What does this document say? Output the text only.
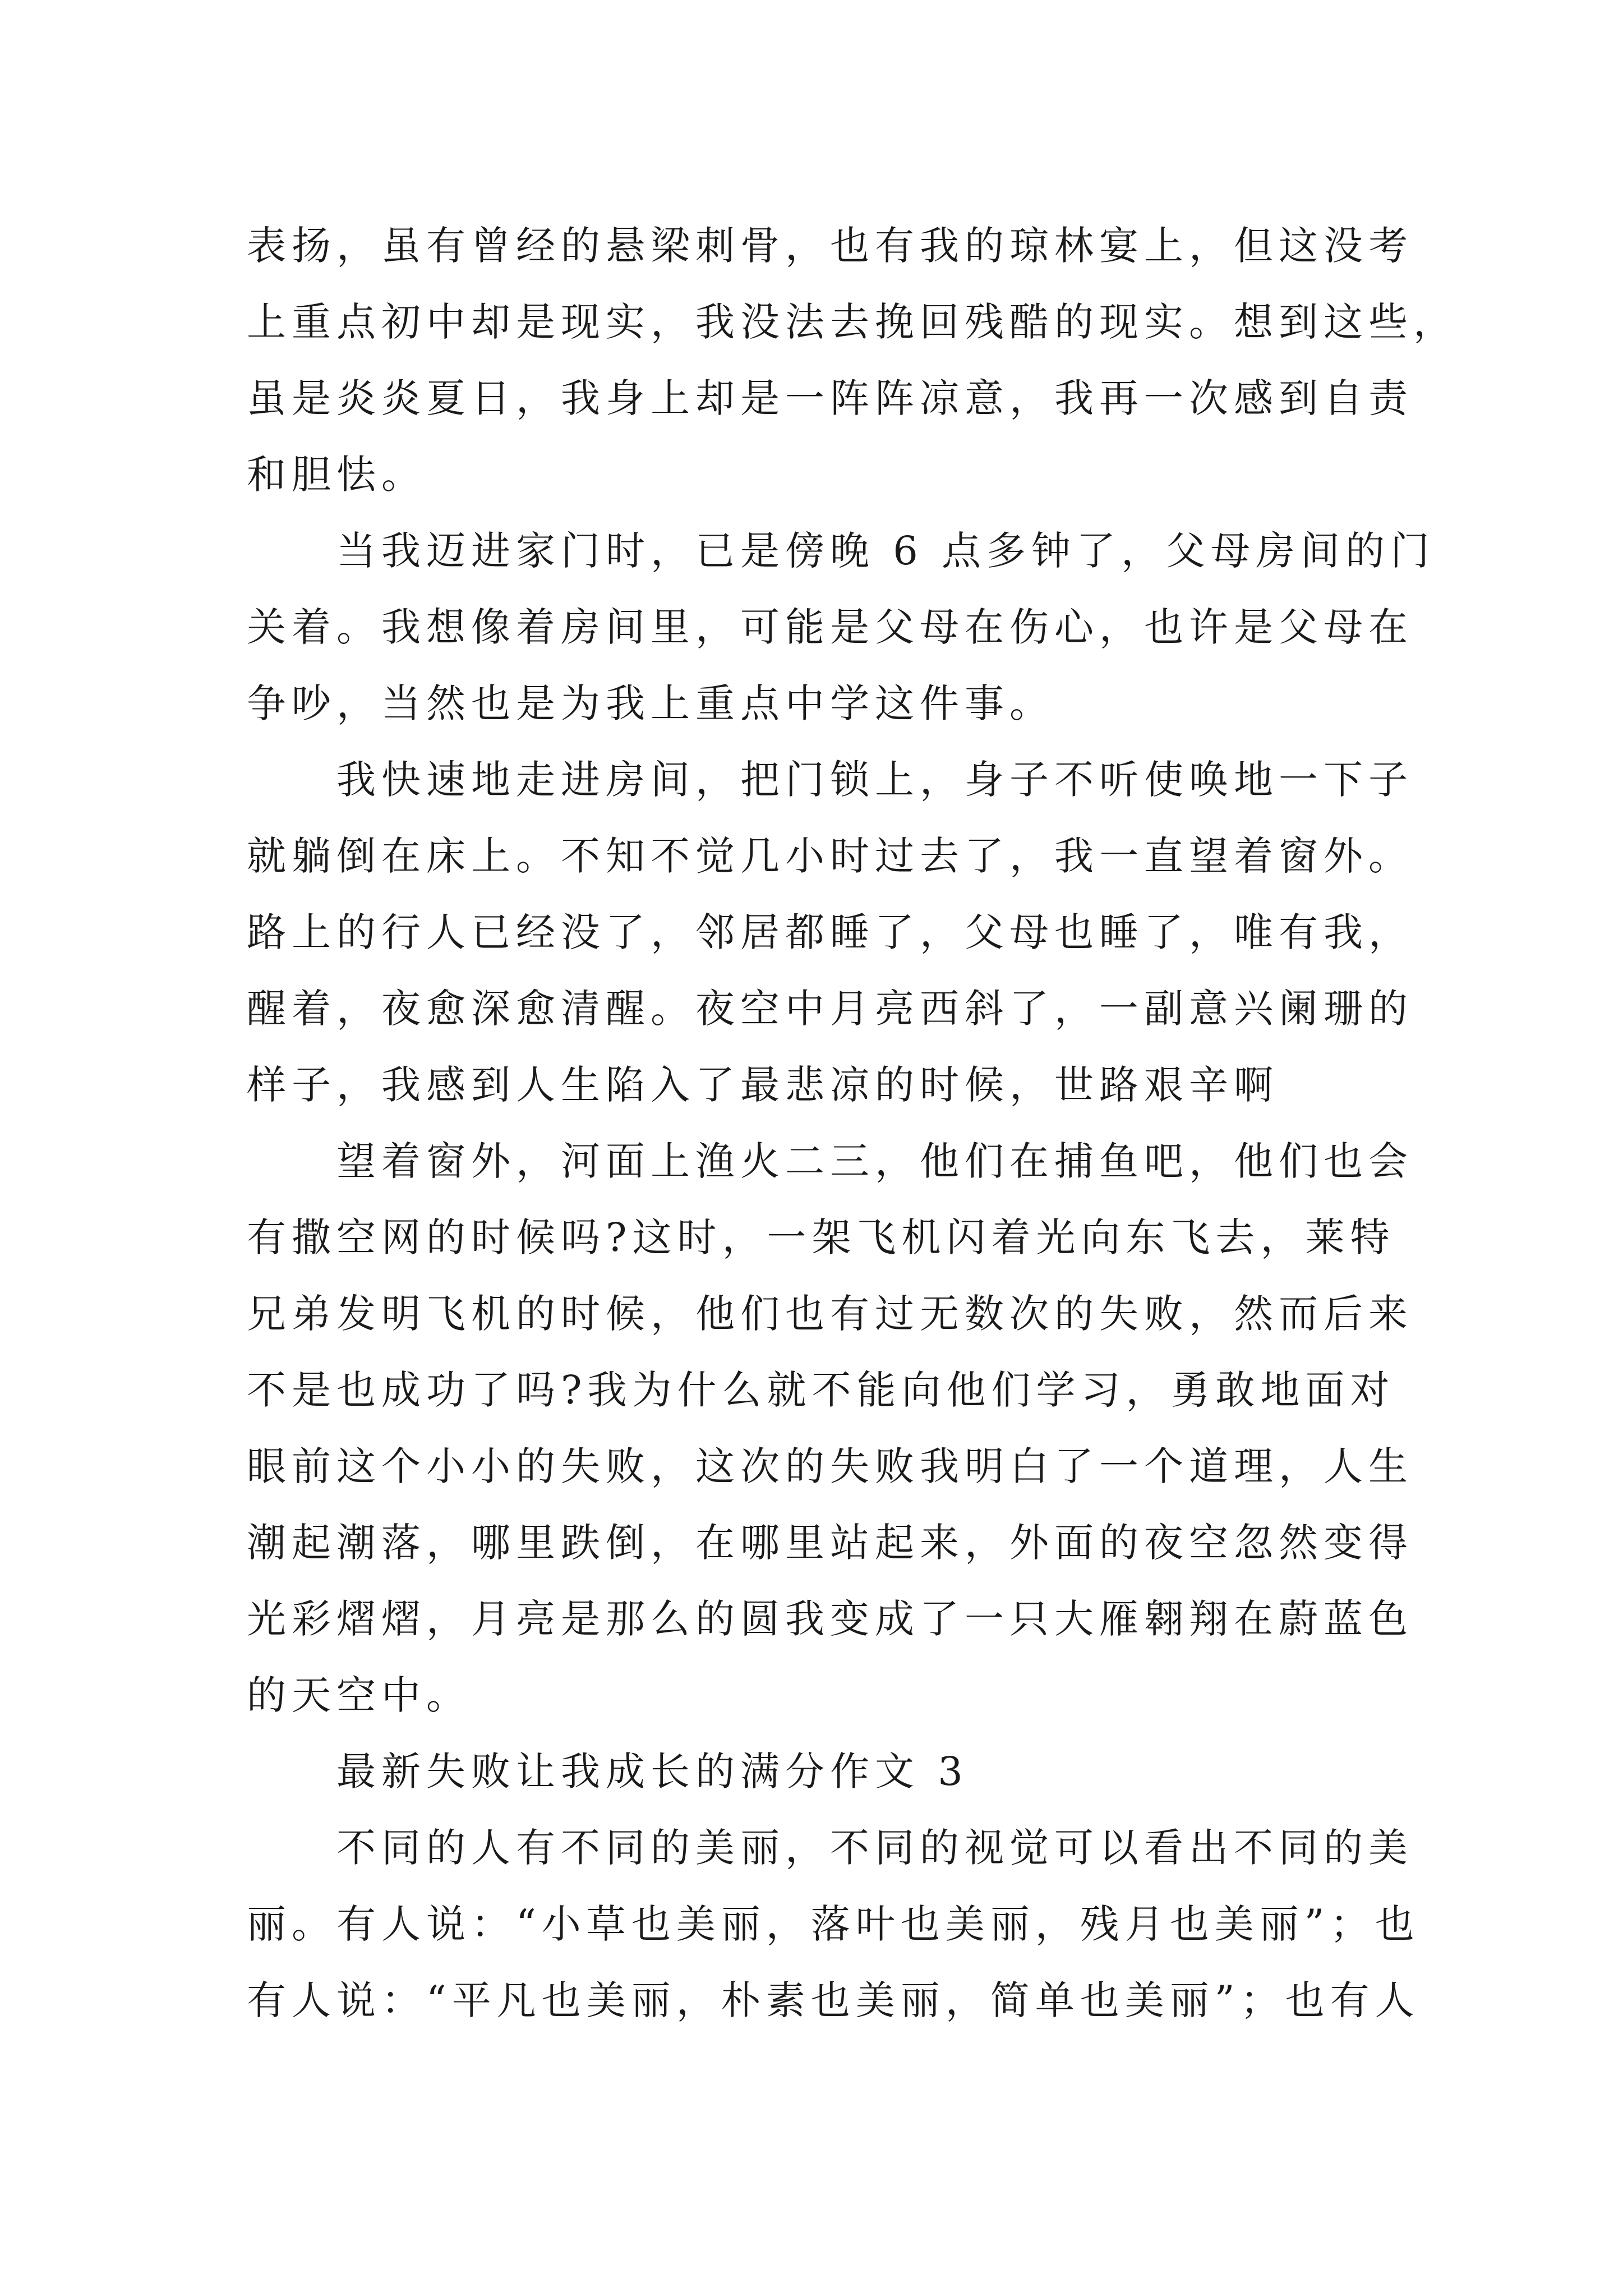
表扬，虽有曾经的悬梁刺骨，也有我的琼林宴上，但这没考
上重点初中却是现实，我没法去挽回残酷的现实。想到这些，
虽是炎炎夏日，我身上却是一阵阵凉意，我再一次感到自责
和胆怯。
当我迈进家门时，已是傍晚 6 点多钟了，父母房间的门
关着。我想像着房间里，可能是父母在伤心，也许是父母在
争吵，当然也是为我上重点中学这件事。
我快速地走进房间，把门锁上，身子不听使唤地一下子
就躺倒在床上。不知不觉几小时过去了，我一直望着窗外。
路上的行人已经没了，邻居都睡了，父母也睡了，唯有我，
醒着，夜愈深愈清醒。夜空中月亮西斜了，一副意兴阑珊的
样子，我感到人生陷入了最悲凉的时候，世路艰辛啊
望着窗外，河面上渔火二三，他们在捕鱼吧，他们也会
有撒空网的时候吗?这时，一架飞机闪着光向东飞去，莱特
兄弟发明飞机的时候，他们也有过无数次的失败，然而后来
不是也成功了吗?我为什么就不能向他们学习，勇敢地面对
眼前这个小小的失败，这次的失败我明白了一个道理，人生
潮起潮落，哪里跌倒，在哪里站起来，外面的夜空忽然变得
光彩熠熠，月亮是那么的圆我变成了一只大雁翱翔在蔚蓝色
的天空中。
最新失败让我成长的满分作文 3
不同的人有不同的美丽，不同的视觉可以看出不同的美
丽。有人说：“小草也美丽，落叶也美丽，残月也美丽”；也
有人说：“平凡也美丽，朴素也美丽，简单也美丽”；也有人
